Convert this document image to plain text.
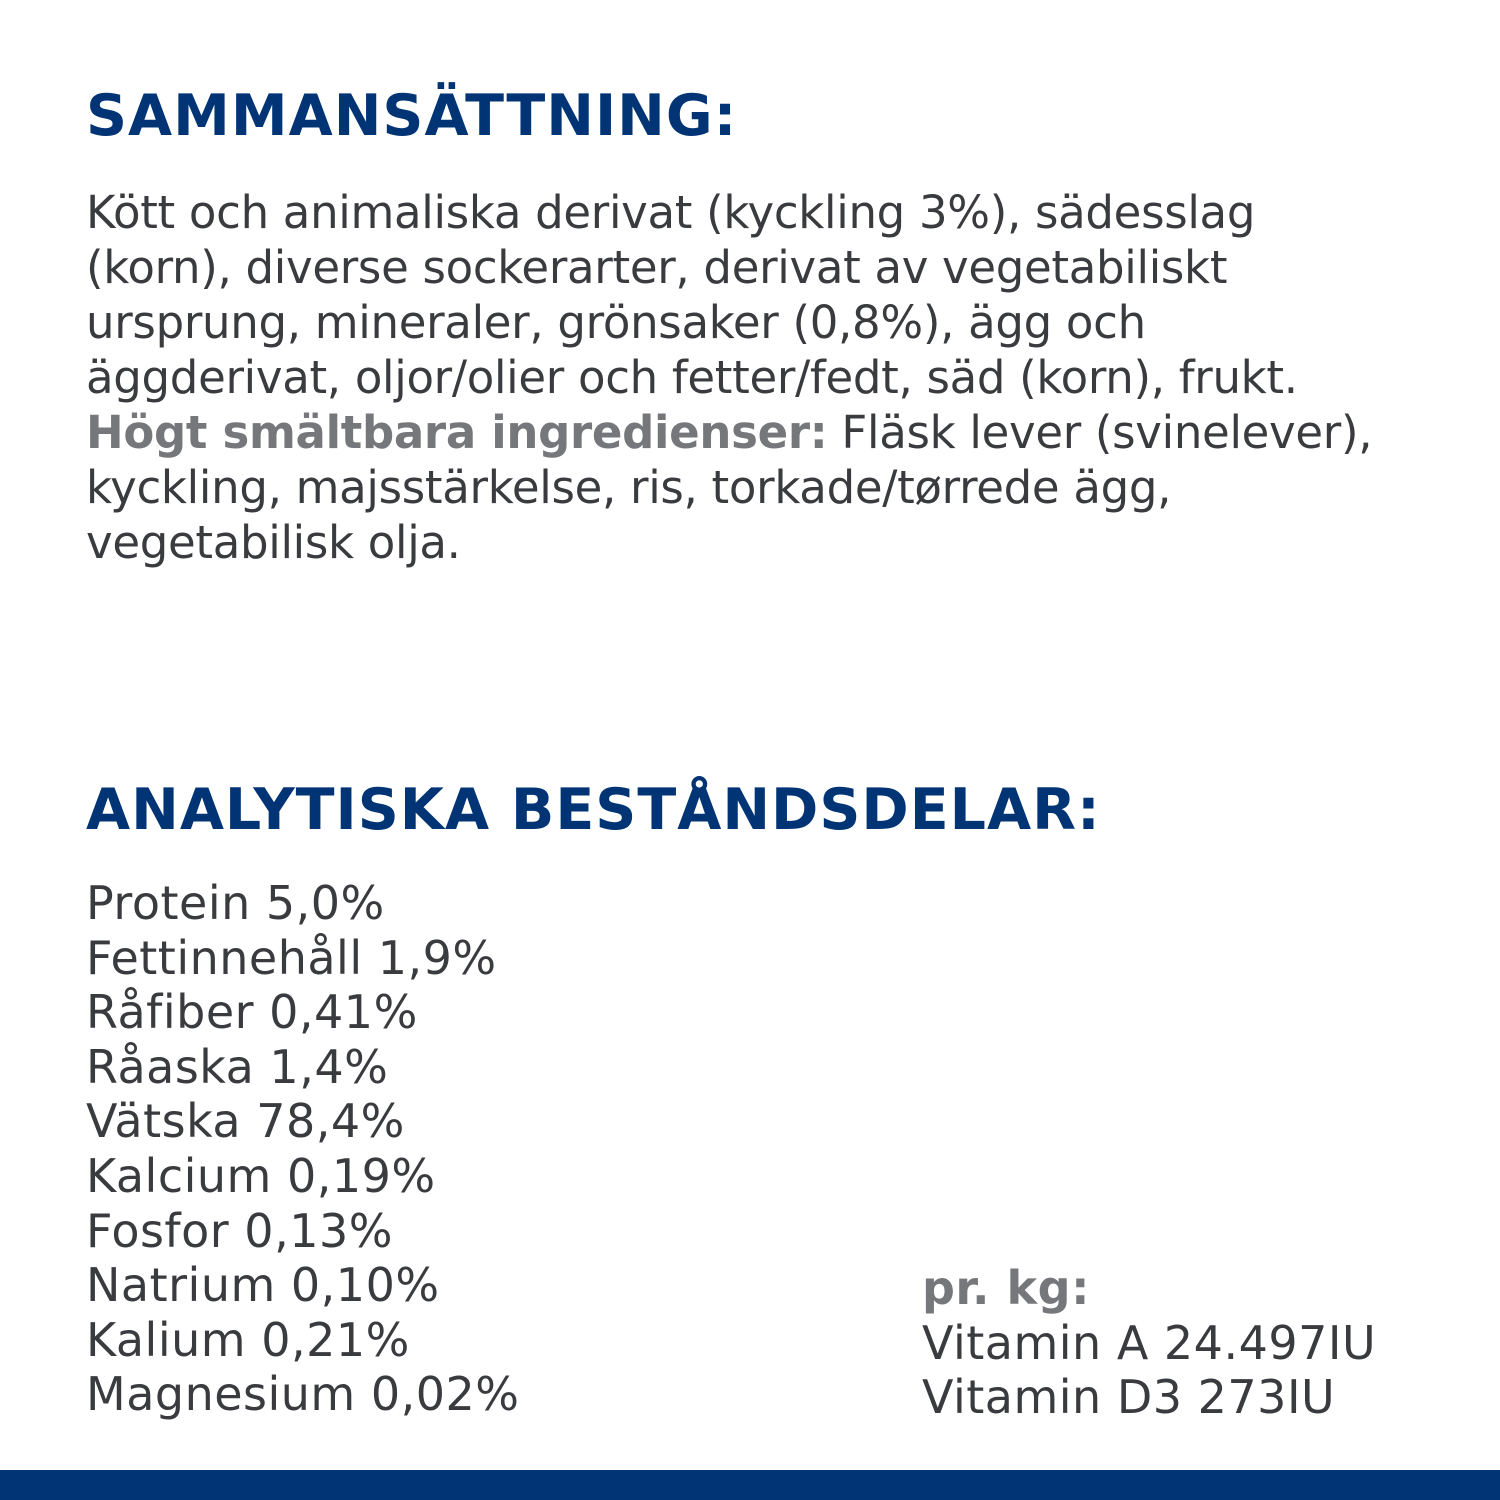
SAMMANSÄTTNING:
Kött och animaliska derivat (kyckling 3%), sädesslag
(korn), diverse sockerarter, derivat av vegetabiliskt
ursprung, mineraler, grönsaker (0,8%), ägg och
äggderivat, oljor/olier och fetter/fedt, säd (korn), frukt.
Högt smältbara ingredienser: Fläsk lever (svinelever),
kyckling, majsstärkelse, ris, torkade/tørrede ägg,
vegetabilisk olja.
ANALYTISKA BESTÅNDSDELAR:
Protein 5,0%
Fettinnehåll 1,9%
Råfiber 0,41%
Råaska 1,4%
Vätska 78,4%
Kalcium 0,19%
Fosfor 0,13%
Natrium 0,10%
Kalium 0,21%
Magnesium 0,02%
pr. kg:
Vitamin A 24.497IU
Vitamin D3 273IU
